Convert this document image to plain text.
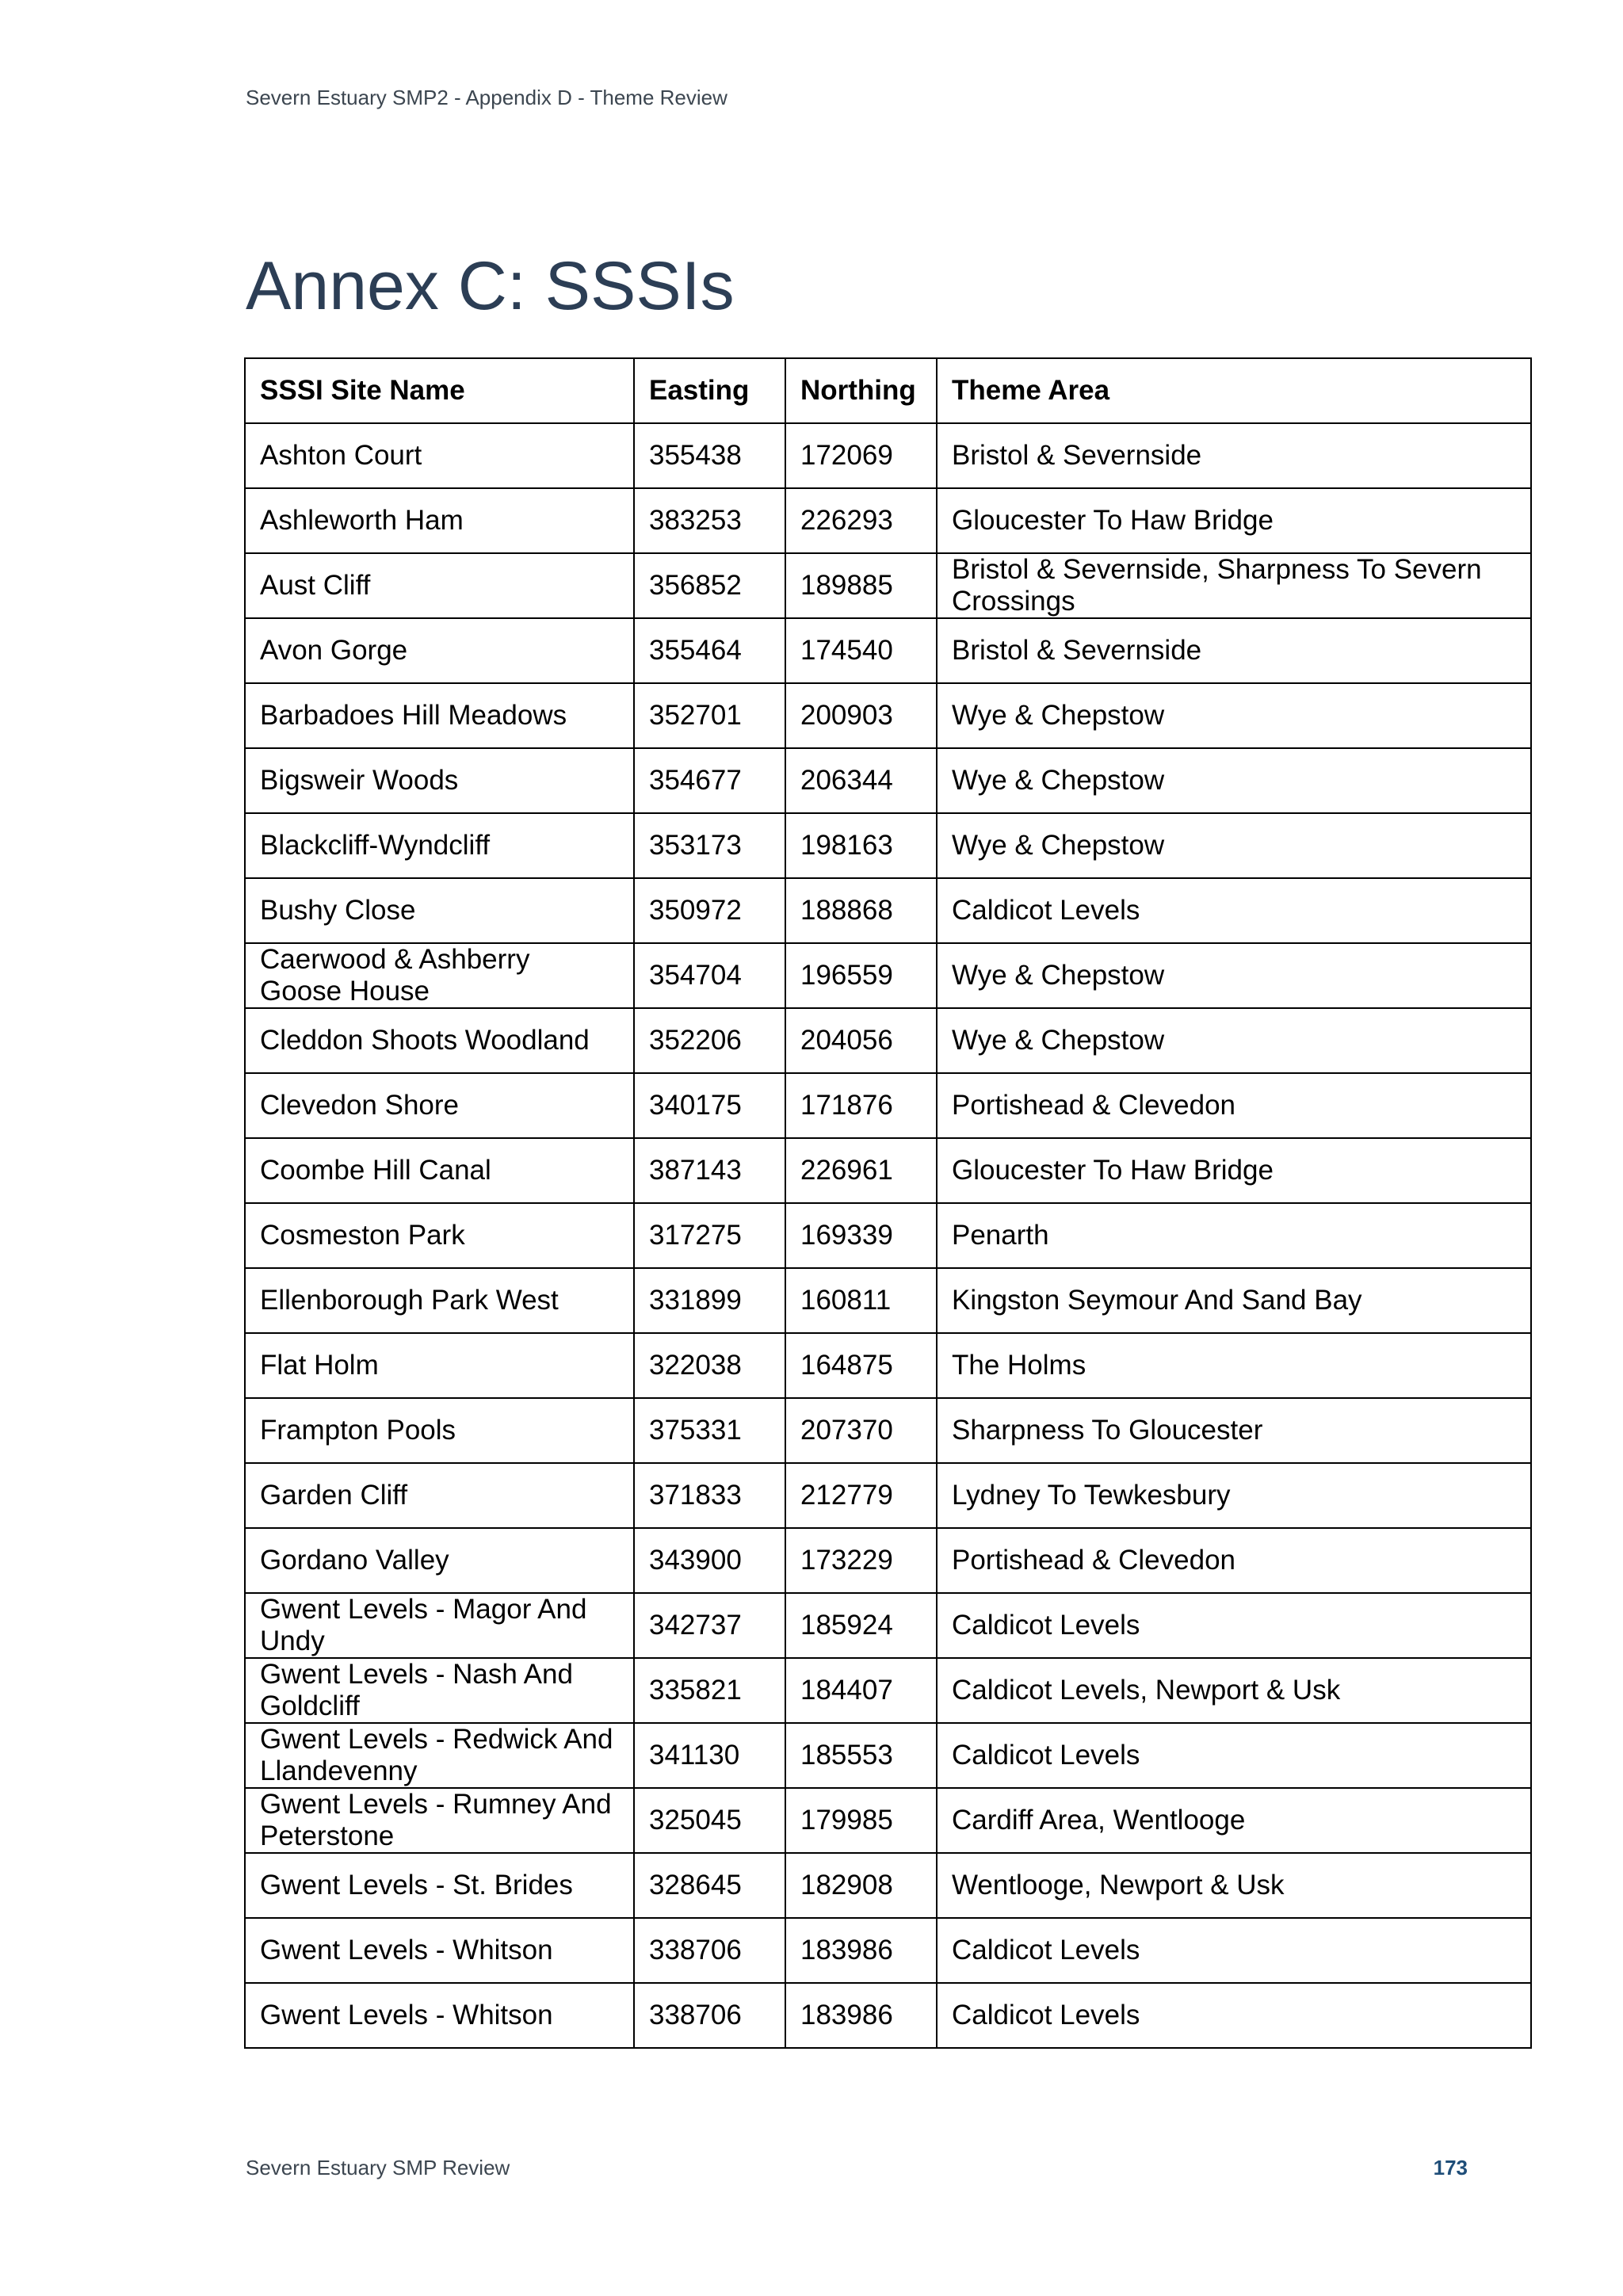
Severn Estuary SMP2 - Appendix D - Theme Review
Annex C: SSSIs
SSSI Site Name	Easting	Northing	Theme Area
Ashton Court	355438	172069	Bristol & Severnside
Ashleworth Ham	383253	226293	Gloucester To Haw Bridge
Aust Cliff	356852	189885	Bristol & Severnside, Sharpness To Severn Crossings
Avon Gorge	355464	174540	Bristol & Severnside
Barbadoes Hill Meadows	352701	200903	Wye & Chepstow
Bigsweir Woods	354677	206344	Wye & Chepstow
Blackcliff-Wyndcliff	353173	198163	Wye & Chepstow
Bushy Close	350972	188868	Caldicot Levels
Caerwood & Ashberry Goose House	354704	196559	Wye & Chepstow
Cleddon Shoots Woodland	352206	204056	Wye & Chepstow
Clevedon Shore	340175	171876	Portishead & Clevedon
Coombe Hill Canal	387143	226961	Gloucester To Haw Bridge
Cosmeston Park	317275	169339	Penarth
Ellenborough Park West	331899	160811	Kingston Seymour And Sand Bay
Flat Holm	322038	164875	The Holms
Frampton Pools	375331	207370	Sharpness To Gloucester
Garden Cliff	371833	212779	Lydney To Tewkesbury
Gordano Valley	343900	173229	Portishead & Clevedon
Gwent Levels - Magor And Undy	342737	185924	Caldicot Levels
Gwent Levels - Nash And Goldcliff	335821	184407	Caldicot Levels, Newport & Usk
Gwent Levels - Redwick And Llandevenny	341130	185553	Caldicot Levels
Gwent Levels - Rumney And Peterstone	325045	179985	Cardiff Area, Wentlooge
Gwent Levels - St. Brides	328645	182908	Wentlooge, Newport & Usk
Gwent Levels - Whitson	338706	183986	Caldicot Levels
Gwent Levels - Whitson	338706	183986	Caldicot Levels
Severn Estuary SMP Review	173
